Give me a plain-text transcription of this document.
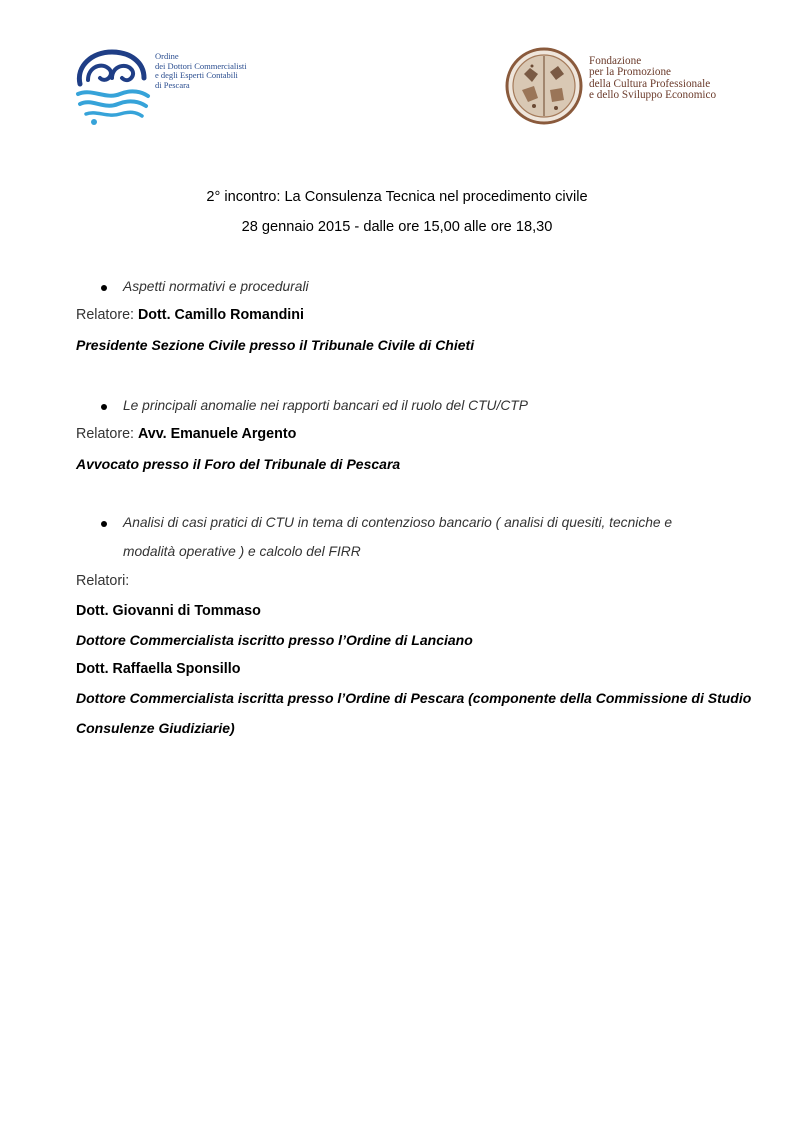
Ordine
dei Dottori Commercialisti
e degli Esperti Contabili
di Pescara
Fondazione
per la Promozione
della Cultura Professionale
e dello Sviluppo Economico
2° incontro: La Consulenza Tecnica nel procedimento civile
28 gennaio 2015 - dalle ore 15,00 alle ore 18,30
Aspetti normativi e procedurali
Relatore: Dott. Camillo Romandini
Presidente Sezione Civile presso il Tribunale Civile di Chieti
Le principali anomalie nei rapporti bancari ed il ruolo del CTU/CTP
Relatore: Avv. Emanuele Argento
Avvocato presso il Foro del Tribunale di Pescara
Analisi di casi pratici di CTU in tema di contenzioso bancario ( analisi di quesiti, tecniche e
modalità operative ) e calcolo del FIRR
Relatori:
Dott. Giovanni di Tommaso
Dottore Commercialista iscritto presso l’Ordine di Lanciano
Dott. Raffaella Sponsillo
Dottore Commercialista iscritta presso l’Ordine di Pescara (componente della Commissione di Studio
Consulenze Giudiziarie)
